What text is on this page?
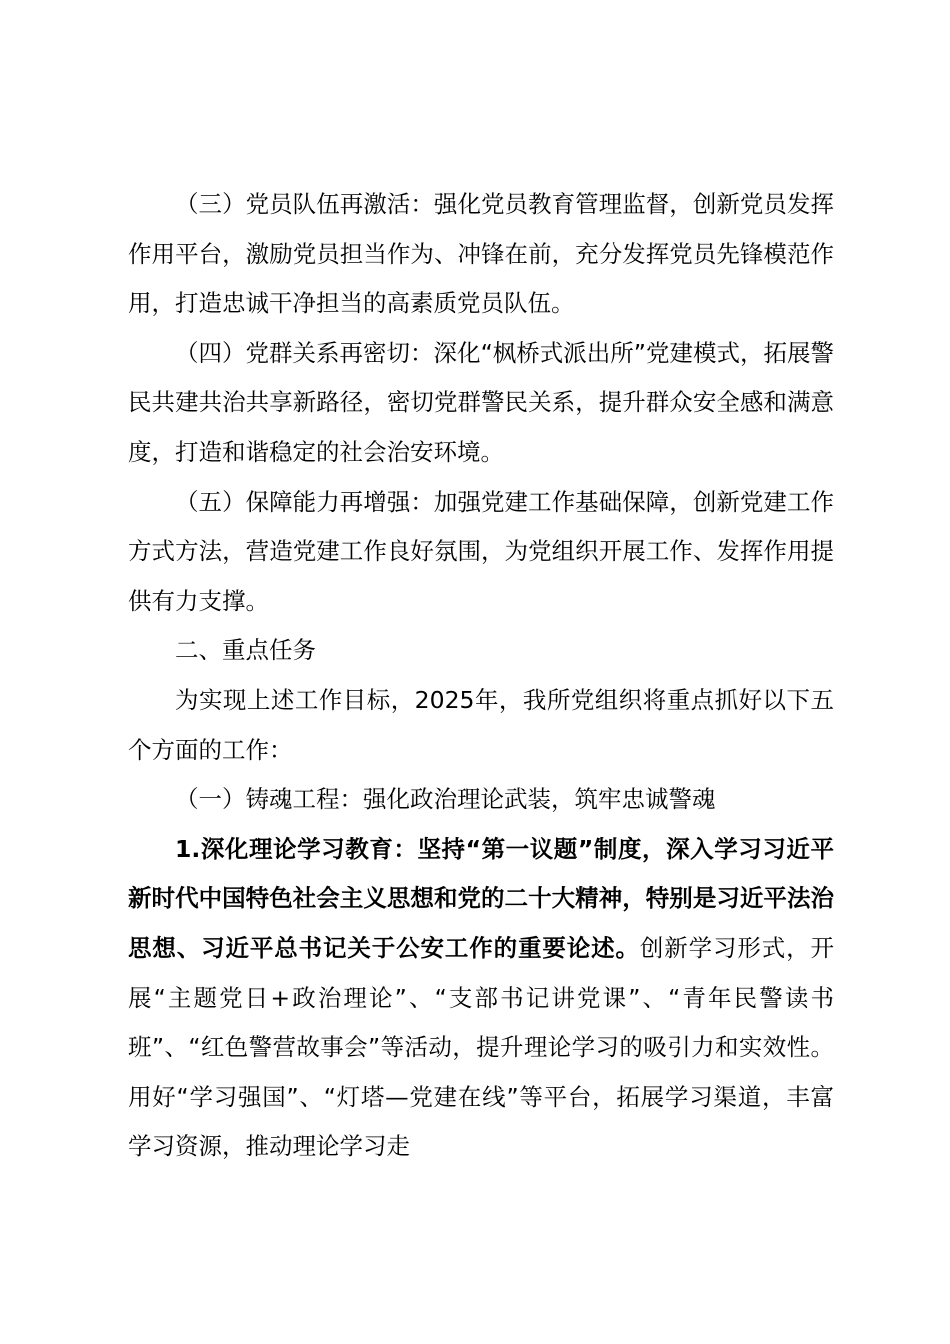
（三）党员队伍再激活：强化党员教育管理监督，创新党员发挥作用平台，激励党员担当作为、冲锋在前，充分发挥党员先锋模范作用，打造忠诚干净担当的高素质党员队伍。

（四）党群关系再密切：深化“枫桥式派出所”党建模式，拓展警民共建共治共享新路径，密切党群警民关系，提升群众安全感和满意度，打造和谐稳定的社会治安环境。

（五）保障能力再增强：加强党建工作基础保障，创新党建工作方式方法，营造党建工作良好氛围，为党组织开展工作、发挥作用提供有力支撑。

二、重点任务

为实现上述工作目标，2025年，我所党组织将重点抓好以下五个方面的工作：

（一）铸魂工程：强化政治理论武装，筑牢忠诚警魂

1.深化理论学习教育：坚持“第一议题”制度，深入学习习近平新时代中国特色社会主义思想和党的二十大精神，特别是习近平法治思想、习近平总书记关于公安工作的重要论述。创新学习形式，开展“主题党日+政治理论”、“支部书记讲党课”、“青年民警读书班”、“红色警营故事会”等活动，提升理论学习的吸引力和实效性。用好“学习强国”、“灯塔—党建在线”等平台，拓展学习渠道，丰富学习资源，推动理论学习走
